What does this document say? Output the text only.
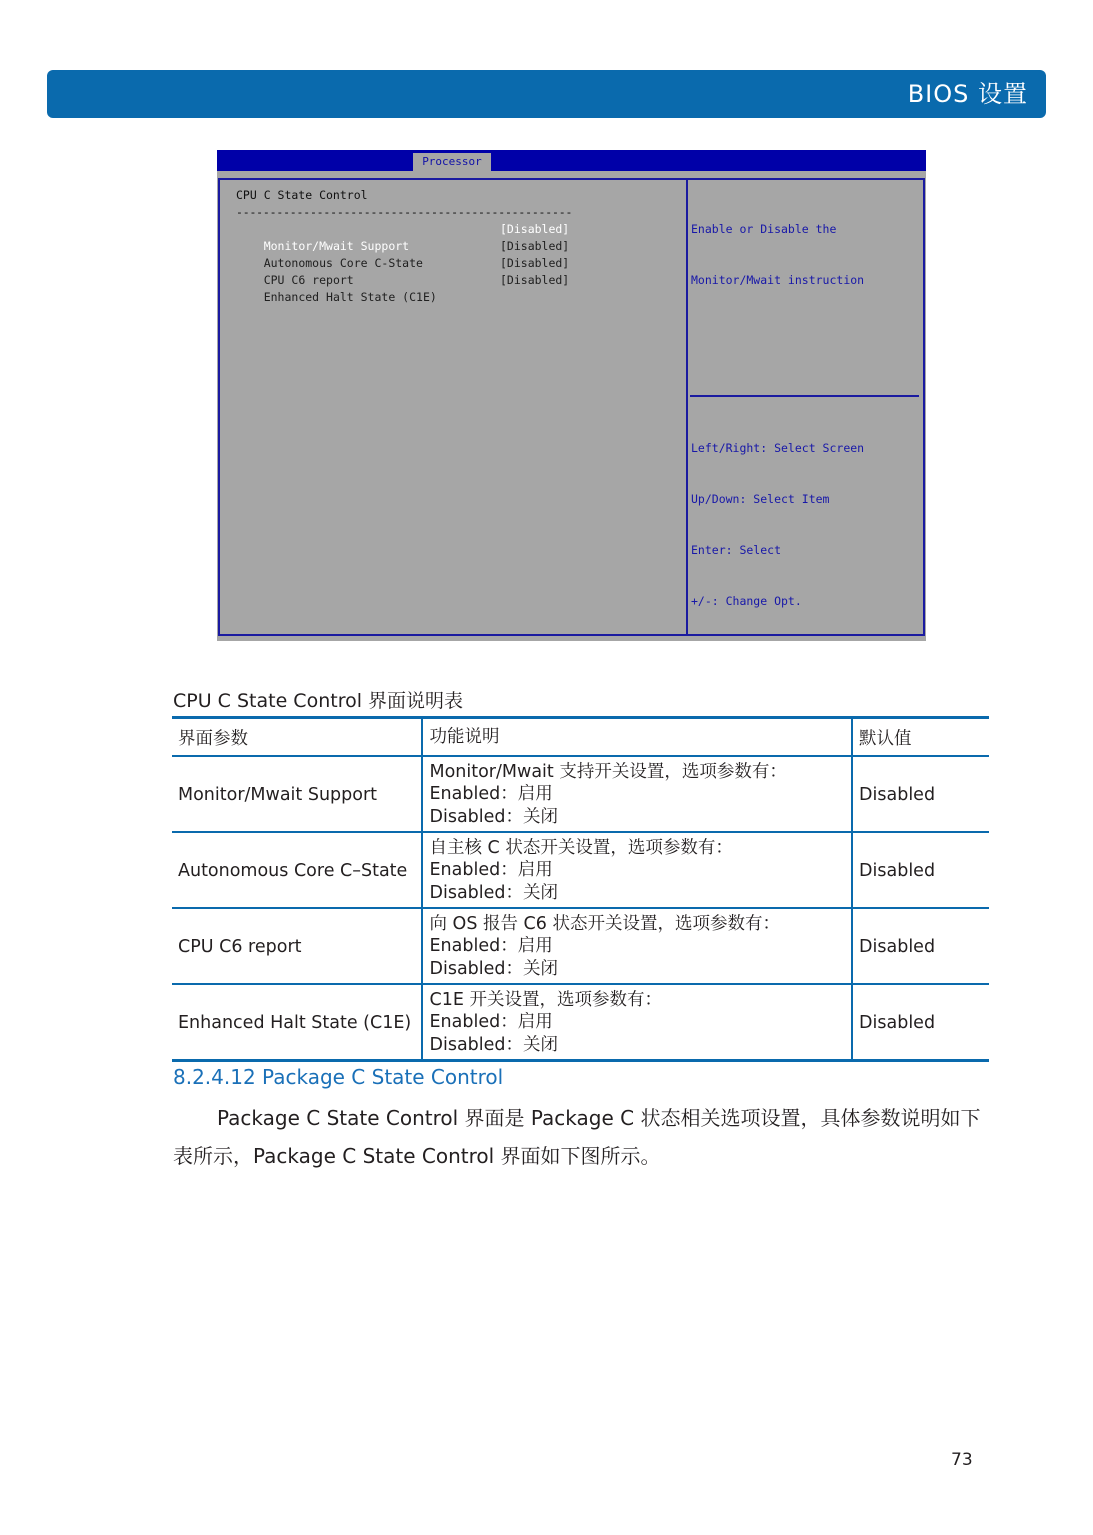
BIOS 设置
Processor
CPU C State Control
--------------------------------------------------

Monitor/Mwait Support

[Disabled]

Autonomous Core C-State

[Disabled]

CPU C6 report

[Disabled]

Enhanced Halt State (C1E)

[Disabled]

Enable or Disable the

Monitor/Mwait instruction

Left/Right: Select Screen

Up/Down: Select Item

Enter: Select

+/-: Change Opt.

CPU C State Control 界面说明表
界面参数	功能说明	默认值
Monitor/Mwait Support	Monitor/Mwait 支持开关设置，选项参数有：
Enabled：启用
Disabled：关闭	Disabled
Autonomous Core C–State	自主核 C 状态开关设置，选项参数有：
Enabled：启用
Disabled：关闭	Disabled
CPU C6 report	向 OS 报告 C6 状态开关设置，选项参数有：
Enabled：启用
Disabled：关闭	Disabled
Enhanced Halt State (C1E)	C1E 开关设置，选项参数有：
Enabled：启用
Disabled：关闭	Disabled
8.2.4.12 Package C State Control
Package C State Control 界面是 Package C 状态相关选项设置，具体参数说明如下表所示，Package C State Control 界面如下图所示。
73
